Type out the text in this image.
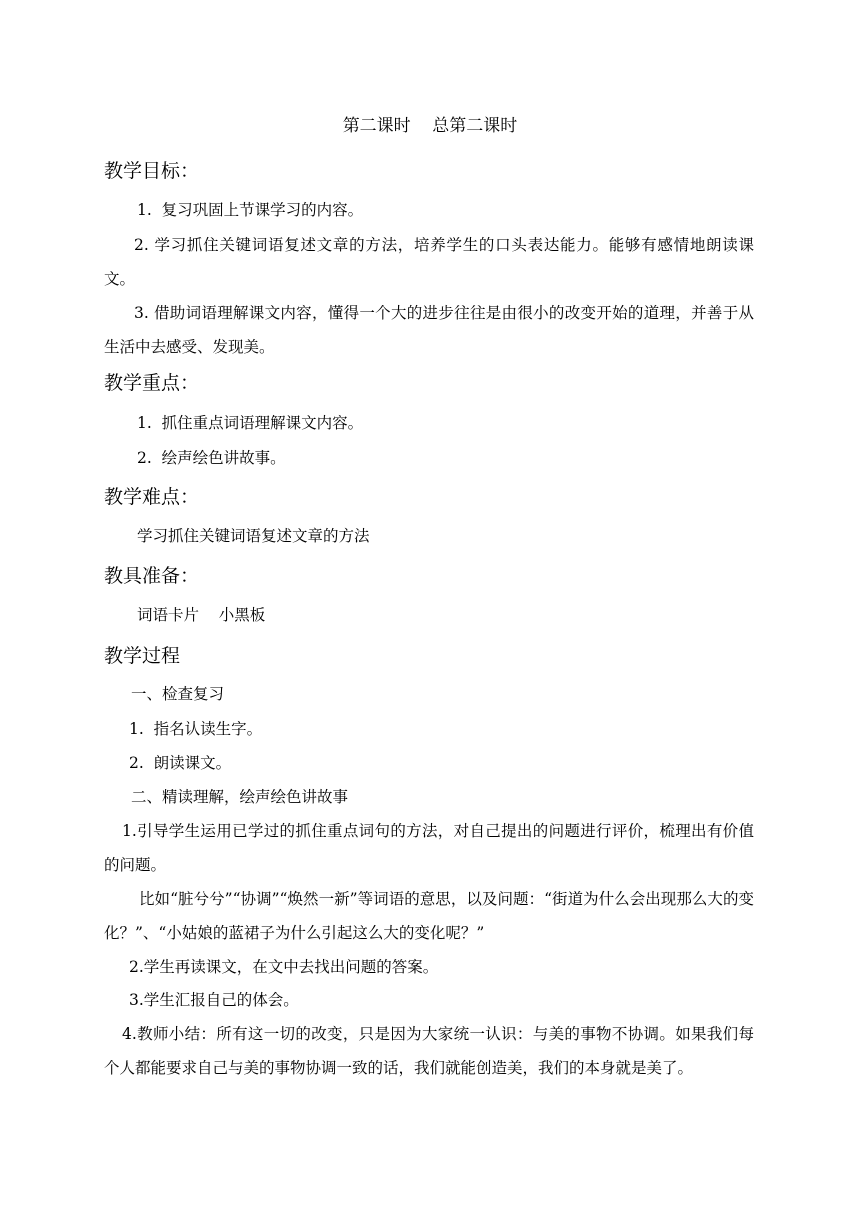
第二课时    总第二课时
教学目标：
1.  复习巩固上节课学习的内容。
2. 学习抓住关键词语复述文章的方法，培养学生的口头表达能力。能够有感情地朗读课文。
3. 借助词语理解课文内容，懂得一个大的进步往往是由很小的改变开始的道理，并善于从生活中去感受、发现美。
教学重点：
1.  抓住重点词语理解课文内容。
2.  绘声绘色讲故事。
教学难点：
学习抓住关键词语复述文章的方法
教具准备：
词语卡片    小黑板
教学过程
一、检查复习
1.  指名认读生字。
2.  朗读课文。
二、精读理解，绘声绘色讲故事
1.引导学生运用已学过的抓住重点词句的方法，对自己提出的问题进行评价，梳理出有价值的问题。
比如“脏兮兮”“协调”“焕然一新”等词语的意思，以及问题：“街道为什么会出现那么大的变化？”、“小姑娘的蓝裙子为什么引起这么大的变化呢？”
2.学生再读课文，在文中去找出问题的答案。
3.学生汇报自己的体会。
4.教师小结：所有这一切的改变，只是因为大家统一认识：与美的事物不协调。如果我们每个人都能要求自己与美的事物协调一致的话，我们就能创造美，我们的本身就是美了。
